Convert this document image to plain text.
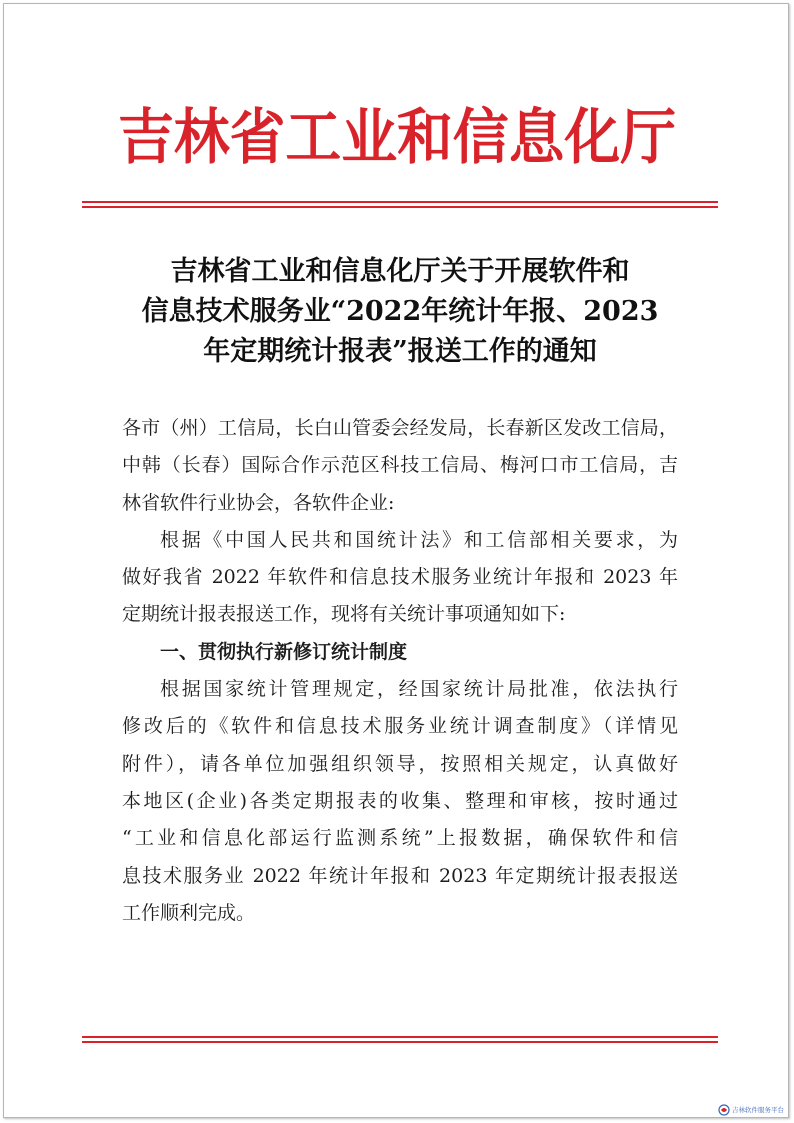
吉林省工业和信息化厅
吉林省工业和信息化厅关于开展软件和
信息技术服务业“2022年统计年报、2023
年定期统计报表”报送工作的通知
各市（州）工信局，长白山管委会经发局，长春新区发改工信局，
中韩（长春）国际合作示范区科技工信局、梅河口市工信局，吉
林省软件行业协会，各软件企业:
根据《中国人民共和国统计法》和工信部相关要求，为
做好我省 2022 年软件和信息技术服务业统计年报和 2023 年
定期统计报表报送工作，现将有关统计事项通知如下:
一、贯彻执行新修订统计制度
根据国家统计管理规定，经国家统计局批准，依法执行
修改后的《软件和信息技术服务业统计调查制度》（详情见
附件），请各单位加强组织领导，按照相关规定，认真做好
本地区(企业)各类定期报表的收集、整理和审核，按时通过
“工业和信息化部运行监测系统”上报数据，确保软件和信
息技术服务业 2022 年统计年报和 2023 年定期统计报表报送
工作顺利完成。
吉林软件服务平台
